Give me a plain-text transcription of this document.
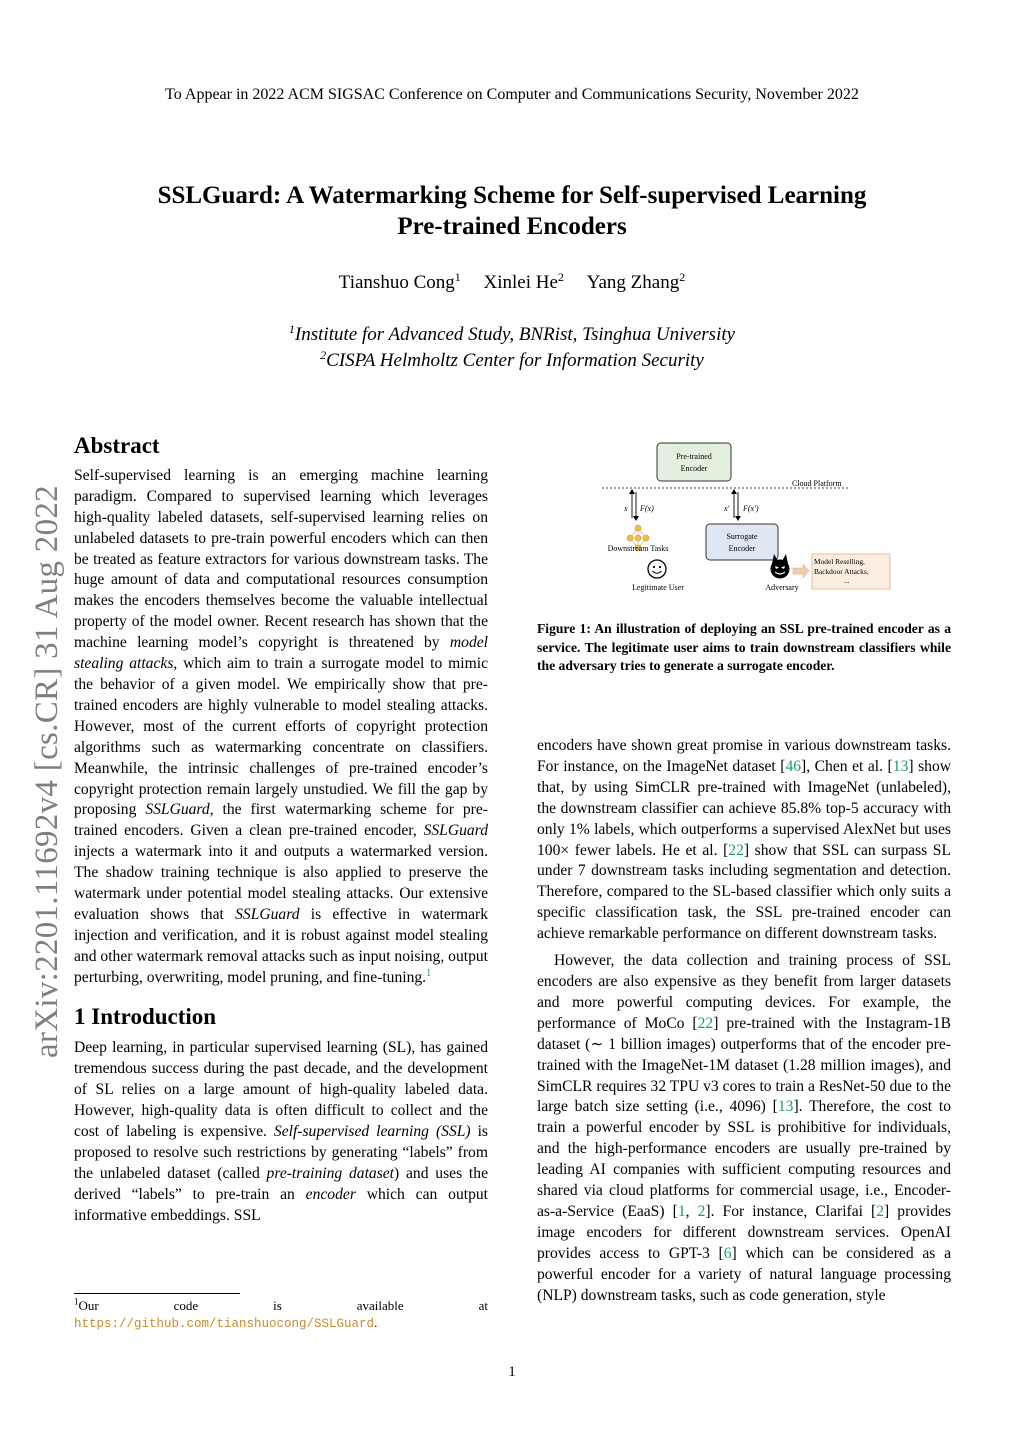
To Appear in 2022 ACM SIGSAC Conference on Computer and Communications Security, November 2022
SSLGuard: A Watermarking Scheme for Self-supervised Learning
Pre-trained Encoders
Tianshuo Cong$^1$ Xinlei He$^2$ Yang Zhang$^2$
$^1$Institute for Advanced Study, BNRist, Tsinghua University
$^2$CISPA Helmholtz Center for Information Security
arXiv:2201.11692v4 [cs.CR] 31 Aug 2022
Abstract

Self-supervised learning is an emerging machine learning paradigm. Compared to supervised learning which leverages high-quality labeled datasets, self-supervised learning relies on unlabeled datasets to pre-train powerful encoders which can then be treated as feature extractors for various downstream tasks. The huge amount of data and computational resources consumption makes the encoders themselves become the valuable intellectual property of the model owner. Recent research has shown that the machine learning model’s copyright is threatened by model stealing attacks, which aim to train a surrogate model to mimic the behavior of a given model. We empirically show that pre-trained encoders are highly vulnerable to model stealing attacks. However, most of the current efforts of copyright protection algorithms such as watermarking concentrate on classifiers. Meanwhile, the intrinsic challenges of pre-trained encoder’s copyright protection remain largely unstudied. We fill the gap by proposing SSLGuard, the first watermarking scheme for pre-trained encoders. Given a clean pre-trained encoder, SSLGuard injects a watermark into it and outputs a watermarked version. The shadow training technique is also applied to preserve the watermark under potential model stealing attacks. Our extensive evaluation shows that SSLGuard is effective in watermark injection and verification, and it is robust against model stealing and other watermark removal attacks such as input noising, output perturbing, overwriting, model pruning, and fine-tuning.$^1$

1 Introduction

Deep learning, in particular supervised learning (SL), has gained tremendous success during the past decade, and the development of SL relies on a large amount of high-quality labeled data. However, high-quality data is often difficult to collect and the cost of labeling is expensive. Self-supervised learning (SSL) is proposed to resolve such restrictions by generating “labels” from the unlabeled dataset (called pre-training dataset) and uses the derived “labels” to pre-train an encoder which can output informative embeddings. SSL

$^1$Our code is available at https://github.com/tianshuocong/SSLGuard.
Pre-trained
Encoder
Cloud Platform
x F(x)
Downstream Tasks
Legitimate User
x′ F(x′)
Surrogate
Encoder
Adversary
Model Reselling,
Backdoor Attacks,
...
Figure 1: An illustration of deploying an SSL pre-trained encoder as a service. The legitimate user aims to train downstream classifiers while the adversary tries to generate a surrogate encoder.

encoders have shown great promise in various downstream tasks. For instance, on the ImageNet dataset [46], Chen et al. [13] show that, by using SimCLR pre-trained with ImageNet (unlabeled), the downstream classifier can achieve 85.8% top-5 accuracy with only 1% labels, which outperforms a supervised AlexNet but uses 100× fewer labels. He et al. [22] show that SSL can surpass SL under 7 downstream tasks including segmentation and detection. Therefore, compared to the SL-based classifier which only suits a specific classification task, the SSL pre-trained encoder can achieve remarkable performance on different downstream tasks.

However, the data collection and training process of SSL encoders are also expensive as they benefit from larger datasets and more powerful computing devices. For example, the performance of MoCo [22] pre-trained with the Instagram-1B dataset (∼ 1 billion images) outperforms that of the encoder pre-trained with the ImageNet-1M dataset (1.28 million images), and SimCLR requires 32 TPU v3 cores to train a ResNet-50 due to the large batch size setting (i.e., 4096) [13]. Therefore, the cost to train a powerful encoder by SSL is prohibitive for individuals, and the high-performance encoders are usually pre-trained by leading AI companies with sufficient computing resources and shared via cloud platforms for commercial usage, i.e., Encoder-as-a-Service (EaaS) [1, 2]. For instance, Clarifai [2] provides image encoders for different downstream services. OpenAI provides access to GPT-3 [6] which can be considered as a powerful encoder for a variety of natural language processing (NLP) downstream tasks, such as code generation, style

1
